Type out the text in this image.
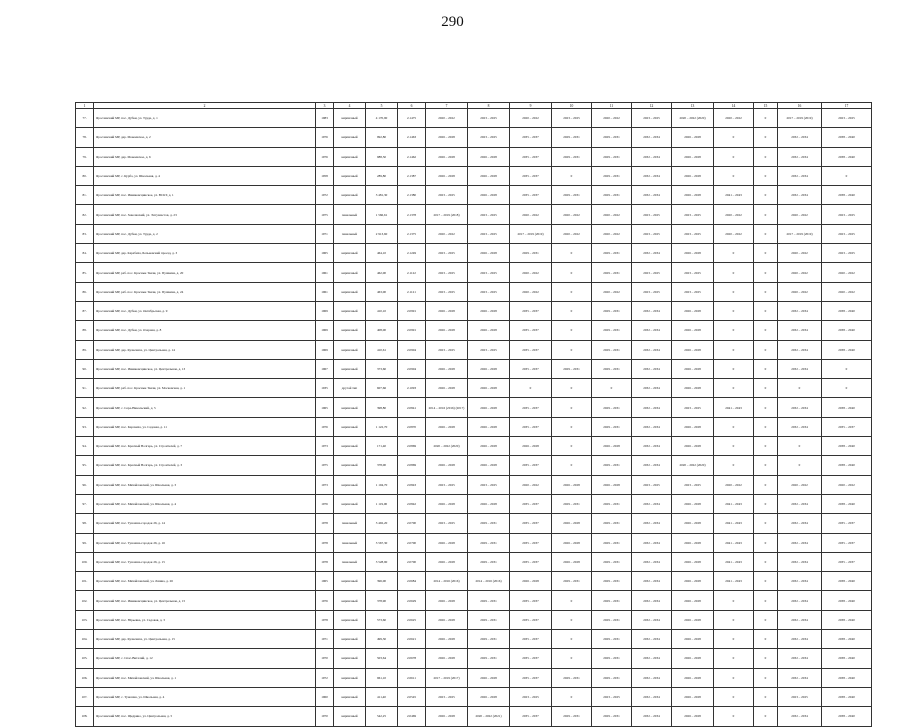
290
1	2	3	4	5	6	7	8	9	10	11	12	13	14	15	16	17
77.	Ярославский МР, пос. Дубки, ул. Труда, д. 1	1983	кирпичный	4 170,90	2.1475	2020 – 2022	2023 – 2025	2020 – 2022	2023 – 2025	2020 – 2022	2023 – 2025	2020 – 2022 (2020)	2020 – 2022	0	2017 – 2019 (2019)	2023 – 2025
78.	Ярославский МР, дер. Мокеевское, д. 2	1976	кирпичный	992,80	2.1463	2026 – 2028	2023 – 2025	2035 – 2037	2029 – 2031	2029 – 2031	2032 – 2034	2026 – 2028	0	0	2032 – 2034	2038 – 2040
79.	Ярославский МР, дер. Мокеевское, д. 6	1976	кирпичный	988,50	2.1462	2026 – 2028	2026 – 2028	2035 – 2037	2029 – 2031	2029 – 2031	2032 – 2034	2026 – 2028	0	0	2032 – 2034	2038 – 2040
80.	Ярославский МР, с. Курба, ул. Школьная, д. 4	1958	кирпичный	289,80	2.1387	2026 – 2028	2026 – 2028	2035 – 2037	0	2029 – 2031	2032 – 2034	2026 – 2028	0	0	2032 – 2034	0
81.	Ярославский МР, пос. Ивняковсцинское, ул. ВСКТ, д. 1	1972	кирпичный	3 481,30	2.1380	2023 – 2025	2026 – 2028	2035 – 2037	2029 – 2031	2029 – 2031	2032 – 2034	2026 – 2028	2041 – 2043	0	2032 – 2034	2038 – 2040
82.	Ярославский МР, пос. Заволжский, ул. Энтузиастов, д. 23	1975	панельный	1 566,61	2.1378	2017 – 2019 (2018)	2023 – 2025	2020 – 2022	2020 – 2022	2020 – 2022	2023 – 2025	2023 – 2025	2020 – 2022	0	2020 – 2022	2023 – 2025
83.	Ярославский МР, пос. Дубки, ул. Труда, д. 2	1971	панельный	2 913,60	2.1375	2020 – 2022	2023 – 2025	2017 – 2019 (2019)	2020 – 2022	2020 – 2022	2023 – 2025	2023 – 2025	2020 – 2022	0	2017 – 2019 (2019)	2023 – 2025
84.	Ярославский МР, дер. Карабиха, Бельковский проезд, д. 3	1965	кирпичный	464,10	2.1249	2023 – 2025	2026 – 2028	2029 – 2031	0	2029 – 2031	2032 – 2034	2026 – 2028	0	0	2020 – 2022	2023 – 2025
85.	Ярославский МР, раб. пос. Красные Ткачи, ул. Пушкина, д. 20	1961	кирпичный	462,00	2.1122	2023 – 2025	2023 – 2025	2020 – 2022	0	2029 – 2031	2023 – 2025	2023 – 2025	0	0	2020 – 2022	2020 – 2022
86.	Ярославский МР, раб. пос. Красные Ткачи, ул. Пушкина, д. 24	1961	кирпичный	463,00	2.1121	2023 – 2025	2023 – 2025	2020 – 2022	0	2020 – 2022	2023 – 2025	2023 – 2025	0	0	2020 – 2022	2020 – 2022
87.	Ярославский МР, пос. Дубки, ул. Октябрьская, д. 9	1969	кирпичный	410,10	2.0991	2026 – 2028	2026 – 2028	2035 – 2037	0	2029 – 2031	2032 – 2034	2026 – 2028	0	0	2032 – 2034	2038 – 2040
88.	Ярославский МР, пос. Дубки, ул. Озерная, д. 8	1969	кирпичный	408,00	2.0991	2026 – 2028	2026 – 2028	2035 – 2037	0	2029 – 2031	2032 – 2034	2026 – 2028	0	0	2032 – 2034	2038 – 2040
89.	Ярославский МР, дер. Кузнечиха, ул. Центральная, д. 14	1969	кирпичный	410,61	2.0904	2023 – 2025	2023 – 2025	2035 – 2037	0	2029 – 2031	2032 – 2034	2026 – 2028	0	0	2032 – 2034	2038 – 2040
90.	Ярославский МР, пос. Ивняковсцинское, ул. Центральная, д. 13	1967	кирпичный	373,60	2.0904	2026 – 2028	2026 – 2028	2035 – 2037	2029 – 2031	2029 – 2031	2032 – 2034	2026 – 2028	0	0	2032 – 2034	0
91.	Ярославский МР, раб. пос. Красные Ткачи, ул. Московская, д. 1	1935	другой тип	607,66	2.1093	2026 – 2028	2026 – 2028	0	0	0	2032 – 2034	2026 – 2028	0	0	0	0
92.	Ярославский МР, с. Сера-Никольский, д. 5	1965	кирпичный	398,80	2.0841	2014 – 2016 (2016) (2017)	2026 – 2028	2035 – 2037	0	2029 – 2031	2032 – 2034	2023 – 2025	2041 – 2043	0	2032 – 2034	2038 – 2040
93.	Ярославский МР, пос. Карачиха, ул. Садовая, д. 11	1976	кирпичный	1 122,70	2.0870	2026 – 2028	2026 – 2028	2035 – 2037	0	2029 – 2031	2032 – 2034	2026 – 2028	0	0	2032 – 2034	2035 – 2037
94.	Ярославский МР, пос. Красный Волгарь, ул. Строителей, д. 7	1973	кирпичный	171,40	2.0869	2020 – 2022 (2020)	2026 – 2028	2026 – 2028	0	2026 – 2028	2032 – 2034	2026 – 2028	0	0	0	2038 – 2040
95.	Ярославский МР, пос. Красный Волгарь, ул. Строителей, д. 3	1975	кирпичный	378,00	2.0869	2026 – 2028	2026 – 2028	2035 – 2037	0	2029 – 2031	2032 – 2034	2020 – 2022 (2020)	0	0	0	2038 – 2040
96.	Ярославский МР, пос. Михайловский, ул. Школьная, д. 3	1973	кирпичный	1 104,70	2.0843	2023 – 2025	2023 – 2025	2020 – 2022	2026 – 2028	2026 – 2028	2023 – 2025	2023 – 2025	2020 – 2022	0	2020 – 2022	2020 – 2022
97.	Ярославский МР, пос. Михайловский, ул. Школьная, д. 4	1976	кирпичный	1 119,00	2.0842	2026 – 2028	2026 – 2028	2035 – 2037	2029 – 2031	2029 – 2031	2032 – 2034	2026 – 2028	2041 – 2043	0	2032 – 2034	2038 – 2040
98.	Ярославский МР, пос. Туношна-городок 26, д. 14	1978	панельный	3 492,20	2.0700	2023 – 2025	2029 – 2031	2035 – 2037	2026 – 2028	2029 – 2031	2032 – 2034	2026 – 2028	2041 – 2043	0	2032 – 2034	2035 – 2037
99.	Ярославский МР, пос. Туношна-городок 26, д. 16	1978	панельный	3 567,30	2.0700	2026 – 2028	2029 – 2031	2035 – 2037	2026 – 2028	2029 – 2031	2032 – 2034	2026 – 2028	2041 – 2043	0	2032 – 2034	2035 – 2037
100.	Ярославский МР, пос. Туношна-городок 26, д. 15	1978	панельный	3 528,90	2.0700	2026 – 2028	2029 – 2031	2035 – 2037	2026 – 2028	2029 – 2031	2032 – 2034	2026 – 2028	2041 – 2043	0	2032 – 2034	2035 – 2037
101.	Ярославский МР, пос. Михайловский, ул. Ляшиа, д. 26	1965	кирпичный	396,00	2.0684	2014 – 2016 (2016)	2014 – 2016 (2016)	2026 – 2028	2029 – 2031	2029 – 2031	2032 – 2034	2026 – 2028	2041 – 2043	0	2032 – 2034	2038 – 2040
102.	Ярославский МР, пос. Ивняковсцинское, ул. Центральная, д. 15	1976	кирпичный	378,90	2.0629	2026 – 2028	2029 – 2031	2035 – 2037	0	2029 – 2031	2032 – 2034	2026 – 2028	0	0	2032 – 2034	2038 – 2040
103.	Ярославский МР, пос. Юрьевка, ул. Садовая, д. 3	1978	кирпичный	573,60	2.0625	2026 – 2028	2029 – 2031	2035 – 2037	0	2029 – 2031	2032 – 2034	2026 – 2028	0	0	2032 – 2034	2038 – 2040
104.	Ярославский МР, дер. Кузнечиха, ул. Центральная, д. 15	1971	кирпичный	499,30	2.0621	2026 – 2028	2029 – 2031	2035 – 2037	0	2029 – 2031	2032 – 2034	2026 – 2028	0	0	2032 – 2034	2038 – 2040
105.	Ярославский МР, с. Спас-Виталий, д. 12	1970	кирпичный	503,64	2.0678	2026 – 2028	2029 – 2031	2035 – 2037	0	2029 – 2031	2032 – 2034	2026 – 2028	0	0	2032 – 2034	2038 – 2040
106.	Ярославский МР, пос. Михайловский, ул. Школьная, д. 1	1972	кирпичный	961,10	2.0611	2017 – 2019 (2017)	2026 – 2028	2035 – 2037	2029 – 2031	2029 – 2031	2032 – 2034	2026 – 2028	0	0	2032 – 2034	2038 – 2040
107.	Ярославский МР, с. Туношна, ул. Школьная, д. 4	1960	кирпичный	411,40	2.0545	2023 – 2025	2026 – 2028	2023 – 2025	0	2023 – 2025	2032 – 2034	2026 – 2028	0	0	2023 – 2025	2038 – 2040
108.	Ярославский МР, пос. Щедрино, ул. Центральная, д. 5	1970	кирпичный	542,25	2.0469	2026 – 2028	2020 – 2022 (2021)	2035 – 2037	2029 – 2031	2029 – 2031	2032 – 2034	2026 – 2028	0	0	2032 – 2034	2038 – 2040
